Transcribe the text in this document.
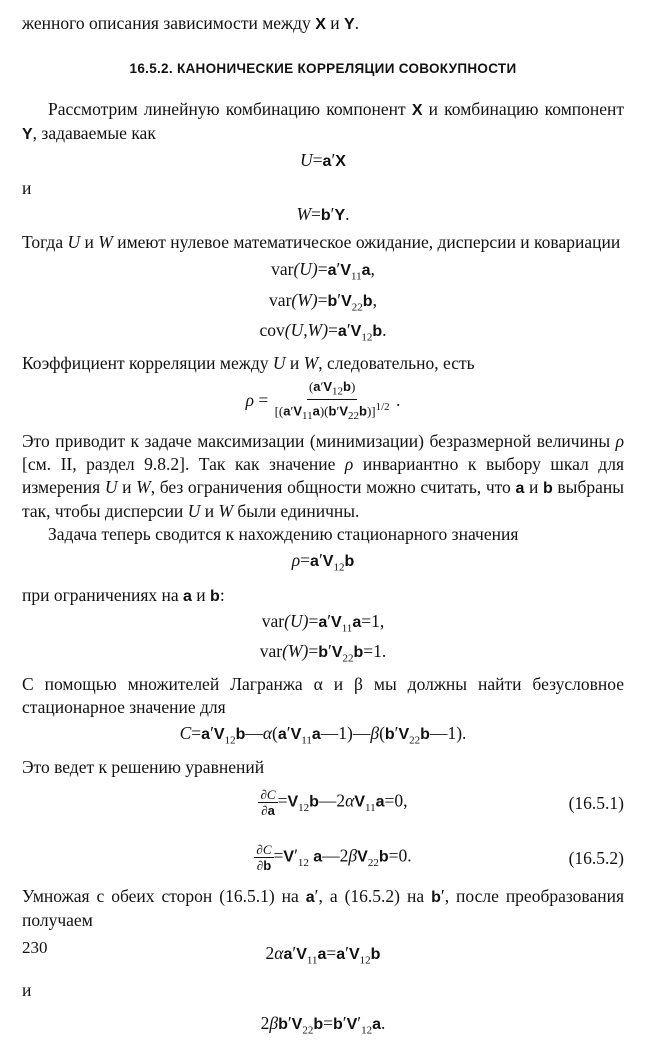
женного описания зависимости между X и Y.

16.5.2. КАНОНИЧЕСКИЕ КОРРЕЛЯЦИИ СОВОКУПНОСТИ

Рассмотрим линейную комбинацию компонент X и комбинацию компонент Y, задаваемые как

U=a′X

и

W=b′Y.

Тогда U и W имеют нулевое математическое ожидание, дисперсии и ковариации

$var(U)=a'V_{11}a$,
$var(W)=b'V_{22}b$,
$cov(U,W)=a'V_{12}b$.

Коэффициент корреляции между U и W, следовательно, есть

$\rho = \frac{(a'V_{12}b)}{[(a'V_{11}a)(b'V_{22}b)]^{1/2}}$ .

Это приводит к задаче максимизации (минимизации) безразмерной величины ρ [см. II, раздел 9.8.2]. Так как значение ρ инвариантно к выбору шкал для измерения U и W, без ограничения общности можно считать, что a и b выбраны так, чтобы дисперсии U и W были единичны.

Задача теперь сводится к нахождению стационарного значения

$\rho=a'V_{12}b$

при ограничениях на a и b:

$var(U)=a'V_{11}a=1$,
$var(W)=b'V_{22}b=1$.

С помощью множителей Лагранжа α и β мы должны найти безусловное стационарное значение для

$C=a'V_{12}b—\alpha(a'V_{11}a—1)—\beta(b'V_{22}b—1)$.

Это ведет к решению уравнений

$\frac{\partial C}{\partial a}$ $=V_{12}b—2\alpha V_{11}a=0$,	(16.5.1)
$\frac{\partial C}{\partial b} =V'_{12}$ $a—2\beta V_{22}b=0$.	(16.5.2)

Умножая с обеих сторон (16.5.1) на a′, а (16.5.2) на b′, после преобразования получаем

$2\alpha a'V_{11}a=a'V_{12}b$

и

$2\beta b'V_{22}b=b'V'_{12}a$.
230
